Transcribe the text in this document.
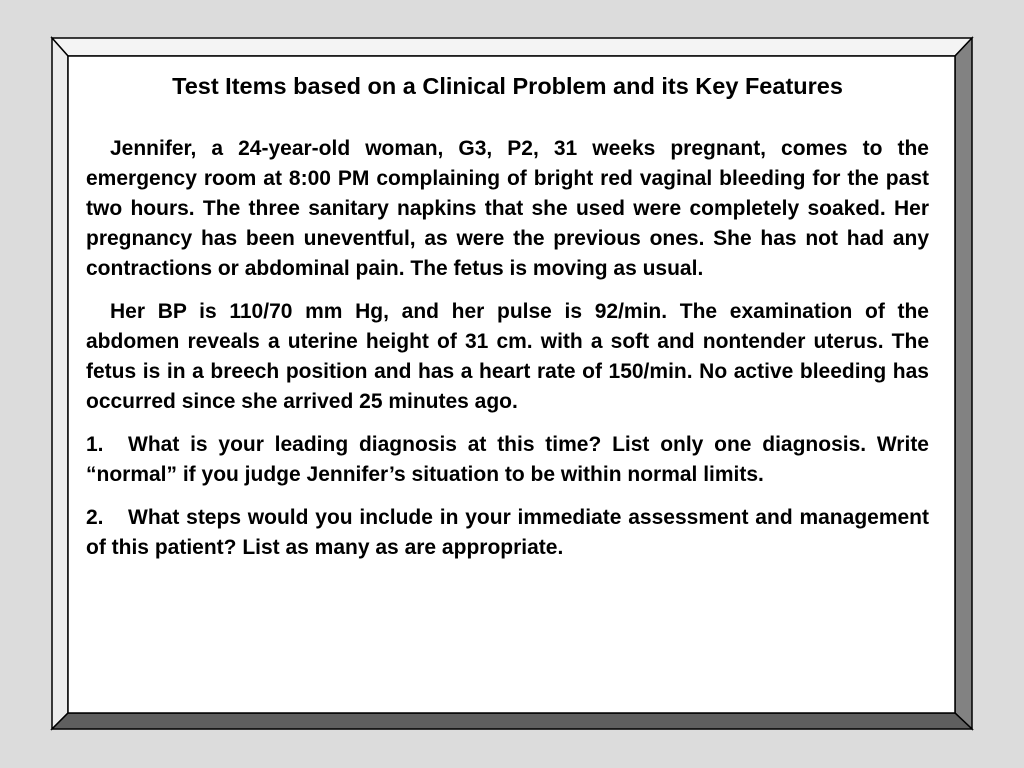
Test Items based on a Clinical Problem and its Key Features

Jennifer, a 24-year-old woman, G3, P2, 31 weeks pregnant, comes to the emergency room at 8:00 PM complaining of bright red vaginal bleeding for the past two hours. The three sanitary napkins that she used were completely soaked. Her pregnancy has been uneventful, as were the previous ones. She has not had any contractions or abdominal pain. The fetus is moving as usual.

Her BP is 110/70 mm Hg, and her pulse is 92/min. The examination of the abdomen reveals a uterine height of 31 cm. with a soft and nontender uterus. The fetus is in a breech position and has a heart rate of 150/min. No active bleeding has occurred since she arrived 25 minutes ago.

1. What is your leading diagnosis at this time? List only one diagnosis. Write “normal” if you judge Jennifer’s situation to be within normal limits.

2. What steps would you include in your immediate assessment and management of this patient? List as many as are appropriate.
